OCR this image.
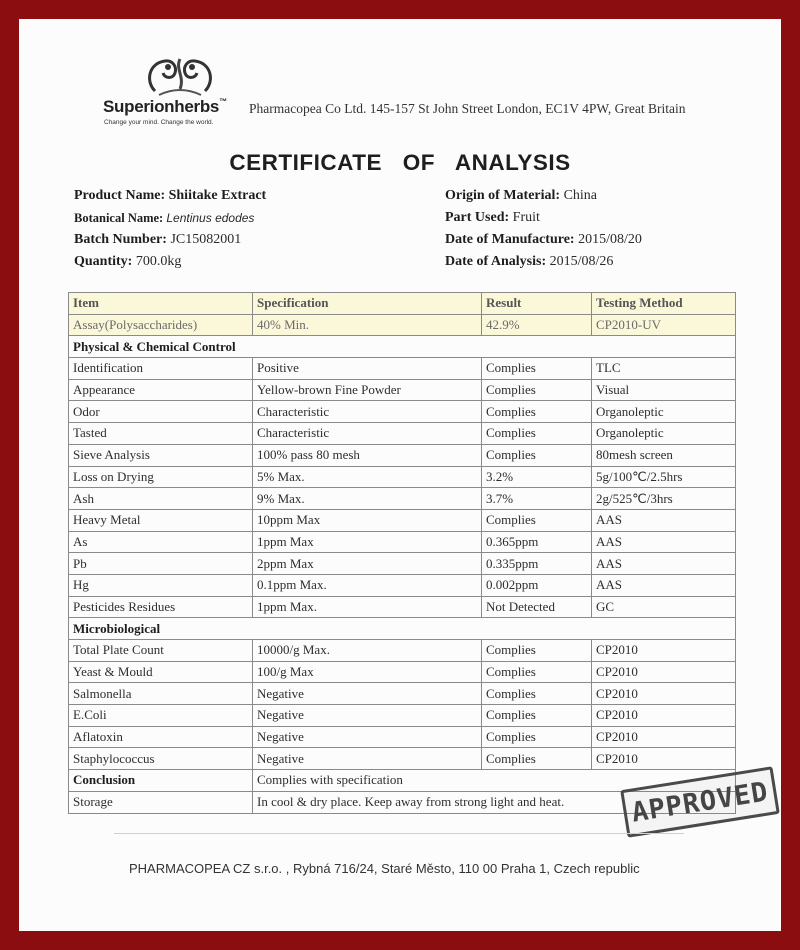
Superionherbs™
Change your mind. Change the world.
Pharmacopea Co Ltd. 145-157 St John Street London, EC1V 4PW, Great Britain
CERTIFICATE OF ANALYSIS
Product Name: Shiitake Extract
Botanical Name: Lentinus edodes
Batch Number: JC15082001
Quantity: 700.0kg
Origin of Material: China
Part Used: Fruit
Date of Manufacture: 2015/08/20
Date of Analysis: 2015/08/26
Item	Specification	Result	Testing Method
Assay(Polysaccharides)	40% Min.	42.9%	CP2010-UV
Physical & Chemical Control			
Identification	Positive	Complies	TLC
Appearance	Yellow-brown Fine Powder	Complies	Visual
Odor	Characteristic	Complies	Organoleptic
Tasted	Characteristic	Complies	Organoleptic
Sieve Analysis	100% pass 80 mesh	Complies	80mesh screen
Loss on Drying	5% Max.	3.2%	5g/100℃/2.5hrs
Ash	9% Max.	3.7%	2g/525℃/3hrs
Heavy Metal	10ppm Max	Complies	AAS
As	1ppm Max	0.365ppm	AAS
Pb	2ppm Max	0.335ppm	AAS
Hg	0.1ppm Max.	0.002ppm	AAS
Pesticides Residues	1ppm Max.	Not Detected	GC
Microbiological			
Total Plate Count	10000/g Max.	Complies	CP2010
Yeast & Mould	100/g Max	Complies	CP2010
Salmonella	Negative	Complies	CP2010
E.Coli	Negative	Complies	CP2010
Aflatoxin	Negative	Complies	CP2010
Staphylococcus	Negative	Complies	CP2010
Conclusion	Complies with specification		
Storage	In cool & dry place. Keep away from strong light and heat.		APPROVED
PHARMACOPEA CZ s.r.o. , Rybná 716/24, Staré Město, 110 00 Praha 1, Czech republic
